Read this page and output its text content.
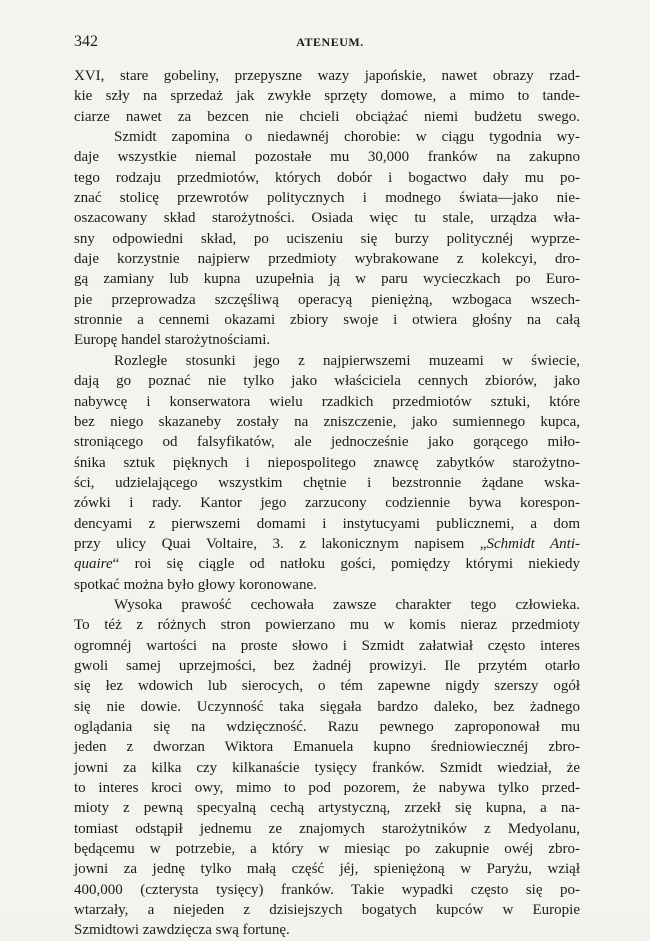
342	ATENEUM.
XVI, stare gobeliny, przepyszne wazy japońskie, nawet obrazy rzad-
kie szły na sprzedaż jak zwykłe sprzęty domowe, a mimo to tande-
ciarze nawet za bezcen nie chcieli obciążać niemi budżetu swego.
Szmidt zapomina o niedawnéj chorobie: w ciągu tygodnia wy-
daje wszystkie niemal pozostałe mu 30,000 franków na zakupno
tego rodzaju przedmiotów, których dobór i bogactwo dały mu po-
znać stolicę przewrotów politycznych i modnego świata—jako nie-
oszacowany skład starożytności. Osiada więc tu stale, urządza wła-
sny odpowiedni skład, po uciszeniu się burzy politycznéj wyprze-
daje korzystnie najpierw przedmioty wybrakowane z kolekcyi, dro-
gą zamiany lub kupna uzupełnia ją w paru wycieczkach po Euro-
pie przeprowadza szczęśliwą operacyą pieniężną, wzbogaca wszech-
stronnie a cennemi okazami zbiory swoje i otwiera głośny na całą
Europę handel starożytnościami.
Rozległe stosunki jego z najpierwszemi muzeami w świecie,
dają go poznać nie tylko jako właściciela cennych zbiorów, jako
nabywcę i konserwatora wielu rzadkich przedmiotów sztuki, które
bez niego skazaneby zostały na zniszczenie, jako sumiennego kupca,
stroniącego od falsyfikatów, ale jednocześnie jako gorącego miło-
śnika sztuk pięknych i niepospolitego znawcę zabytków starożytno-
ści, udzielającego wszystkim chętnie i bezstronnie żądane wska-
zówki i rady. Kantor jego zarzucony codziennie bywa korespon-
dencyami z pierwszemi domami i instytucyami publicznemi, a dom
przy ulicy Quai Voltaire, 3. z lakonicznym napisem „Schmidt Anti-
quaire“ roi się ciągle od natłoku gości, pomiędzy którymi niekiedy
spotkać można było głowy koronowane.
Wysoka prawość cechowała zawsze charakter tego człowieka.
To téż z różnych stron powierzano mu w komis nieraz przedmioty
ogromnéj wartości na proste słowo i Szmidt załatwiał często interes
gwoli samej uprzejmości, bez żadnéj prowizyi. Ile przytém otarło
się łez wdowich lub sierocych, o tém zapewne nigdy szerszy ogół
się nie dowie. Uczynność taka sięgała bardzo daleko, bez żadnego
oglądania się na wdzięczność. Razu pewnego zaproponował mu
jeden z dworzan Wiktora Emanuela kupno średniowiecznéj zbro-
jowni za kilka czy kilkanaście tysięcy franków. Szmidt wiedział, że
to interes kroci owy, mimo to pod pozorem, że nabywa tylko przed-
mioty z pewną specyalną cechą artystyczną, zrzekł się kupna, a na-
tomiast odstąpił jednemu ze znajomych starożytników z Medyolanu,
będącemu w potrzebie, a który w miesiąc po zakupnie owéj zbro-
jowni za jednę tylko małą część jéj, spieniężoną w Paryżu, wziął
400,000 (czterysta tysięcy) franków. Takie wypadki często się po-
wtarzały, a niejeden z dzisiejszych bogatych kupców w Europie
Szmidtowi zawdzięcza swą fortunę.
